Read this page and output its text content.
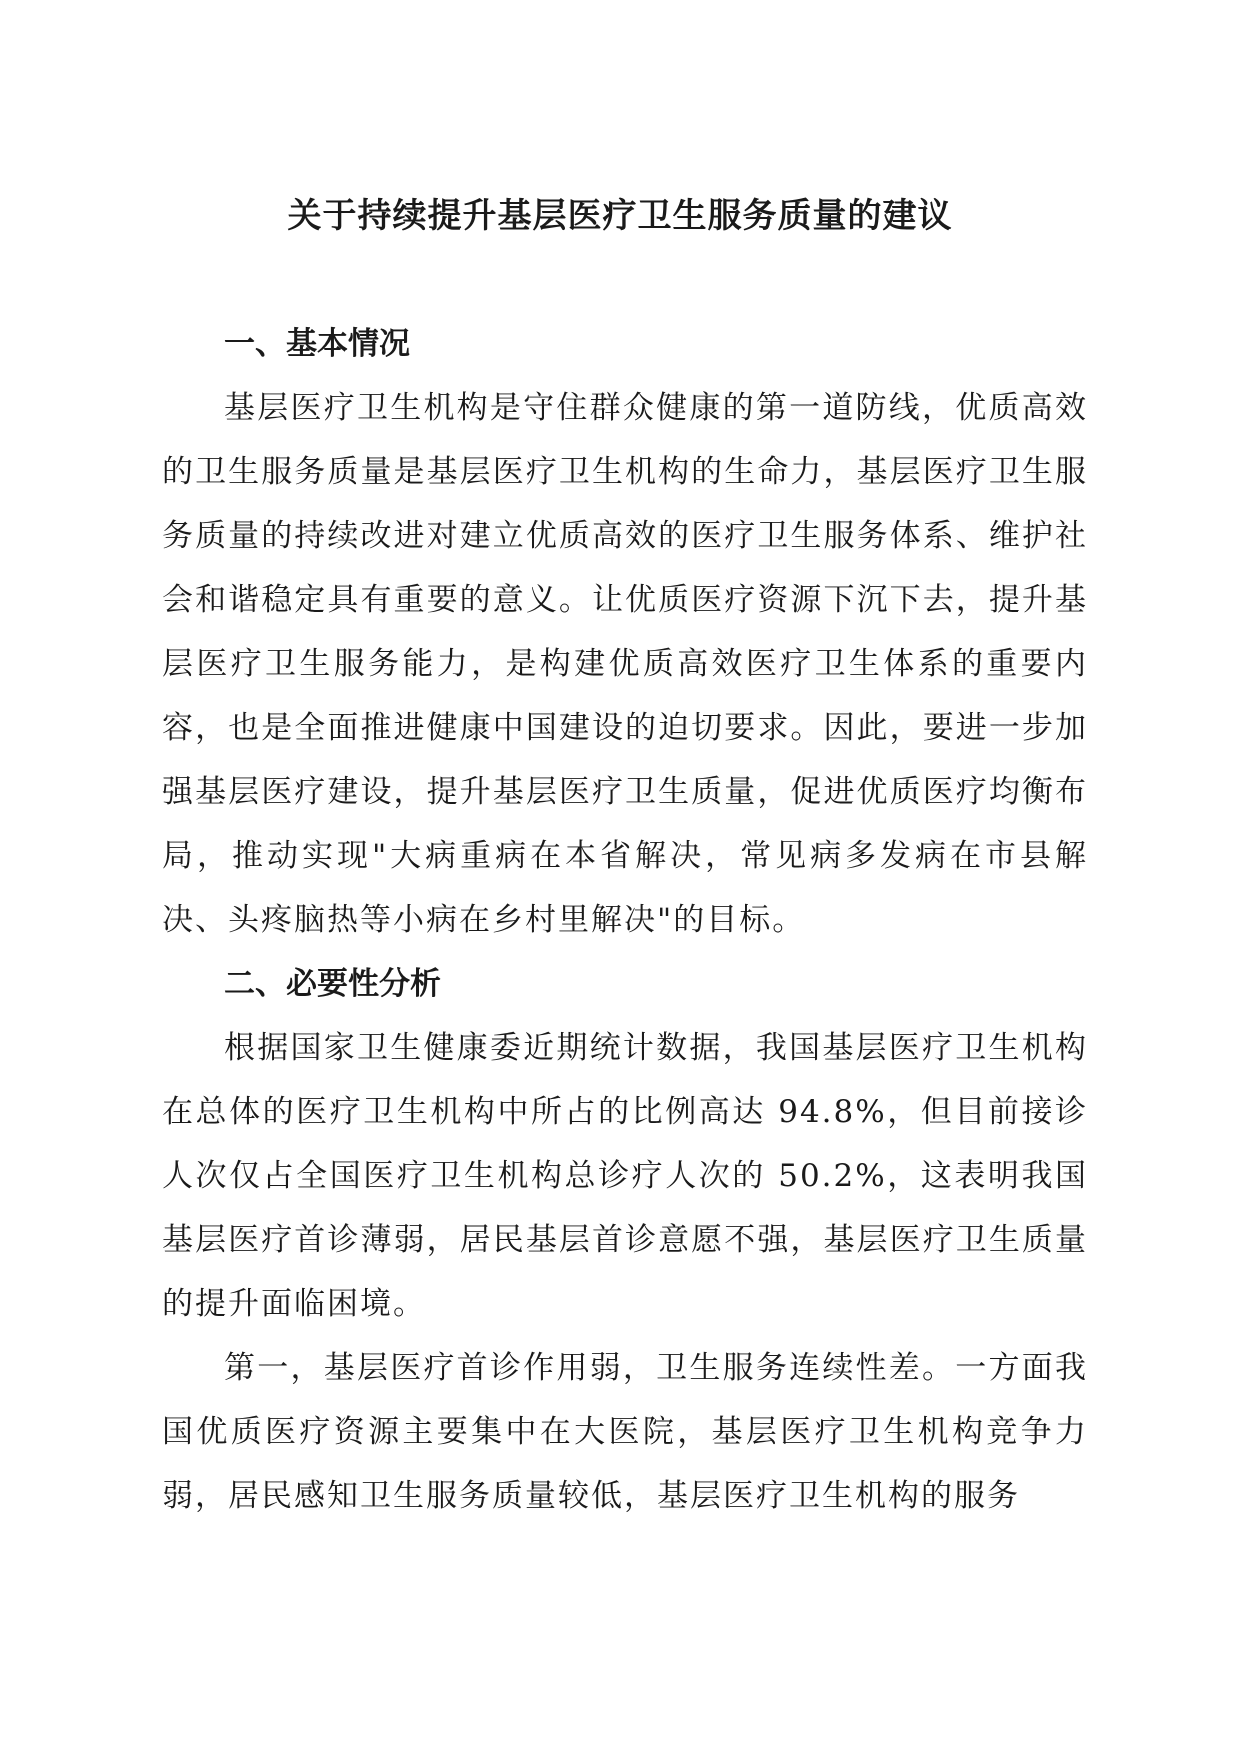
关于持续提升基层医疗卫生服务质量的建议

一、基本情况

基层医疗卫生机构是守住群众健康的第一道防线，优质高效的卫生服务质量是基层医疗卫生机构的生命力，基层医疗卫生服务质量的持续改进对建立优质高效的医疗卫生服务体系、维护社会和谐稳定具有重要的意义。让优质医疗资源下沉下去，提升基层医疗卫生服务能力，是构建优质高效医疗卫生体系的重要内容，也是全面推进健康中国建设的迫切要求。因此，要进一步加强基层医疗建设，提升基层医疗卫生质量，促进优质医疗均衡布局，推动实现"大病重病在本省解决，常见病多发病在市县解决、头疼脑热等小病在乡村里解决"的目标。

二、必要性分析

根据国家卫生健康委近期统计数据，我国基层医疗卫生机构在总体的医疗卫生机构中所占的比例高达 94.8%，但目前接诊人次仅占全国医疗卫生机构总诊疗人次的 50.2%，这表明我国基层医疗首诊薄弱，居民基层首诊意愿不强，基层医疗卫生质量的提升面临困境。

第一，基层医疗首诊作用弱，卫生服务连续性差。一方面我国优质医疗资源主要集中在大医院，基层医疗卫生机构竞争力弱，居民感知卫生服务质量较低，基层医疗卫生机构的服务
